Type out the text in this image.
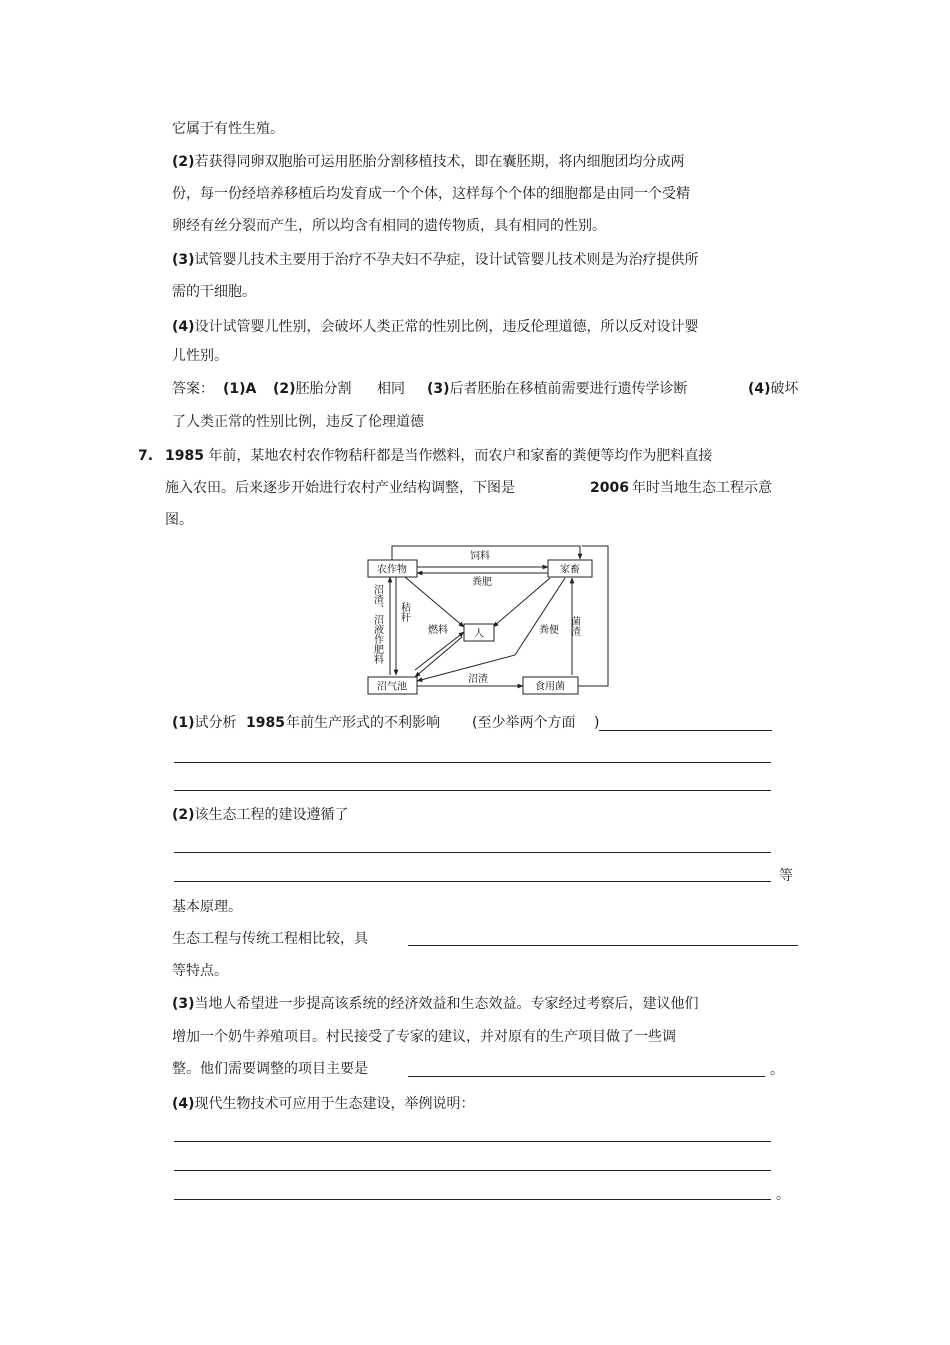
它属于有性生殖。
(2)若获得同卵双胞胎可运用胚胎分割移植技术，即在囊胚期，将内细胞团均分成两
份，每一份经培养移植后均发育成一个个体，这样每个个体的细胞都是由同一个受精
卵经有丝分裂而产生，所以均含有相同的遗传物质，具有相同的性别。
(3)试管婴儿技术主要用于治疗不孕夫妇不孕症，设计试管婴儿技术则是为治疗提供所
需的干细胞。
(4)设计试管婴儿性别，会破坏人类正常的性别比例，违反伦理道德，所以反对设计婴
儿性别。
答案： (1)A (2)胚胎分割 相同 (3)后者胚胎在移植前需要进行遗传学诊断	(4)破坏
了人类正常的性别比例，违反了伦理道德
7. 1985 年前，某地农村农作物秸秆都是当作燃料，而农户和家畜的粪便等均作为肥料直接
施入农田。后来逐步开始进行农村产业结构调整，下图是	2006 年时当地生态工程示意
图。
农作物	家畜
人
沼气池	食用菌
饲料
粪肥
秸秆
沼渣、沼液作肥料	燃料	粪便 菌渣
沼渣
(1)试分析 1985 年前生产形式的不利影响 (至少举两个方面 )
(2)该生态工程的建设遵循了
等
基本原理。
生态工程与传统工程相比较，具
等特点。
(3)当地人希望进一步提高该系统的经济效益和生态效益。专家经过考察后，建议他们
增加一个奶牛养殖项目。村民接受了专家的建议，并对原有的生产项目做了一些调
整。他们需要调整的项目主要是	。
(4)现代生物技术可应用于生态建设，举例说明：
。
